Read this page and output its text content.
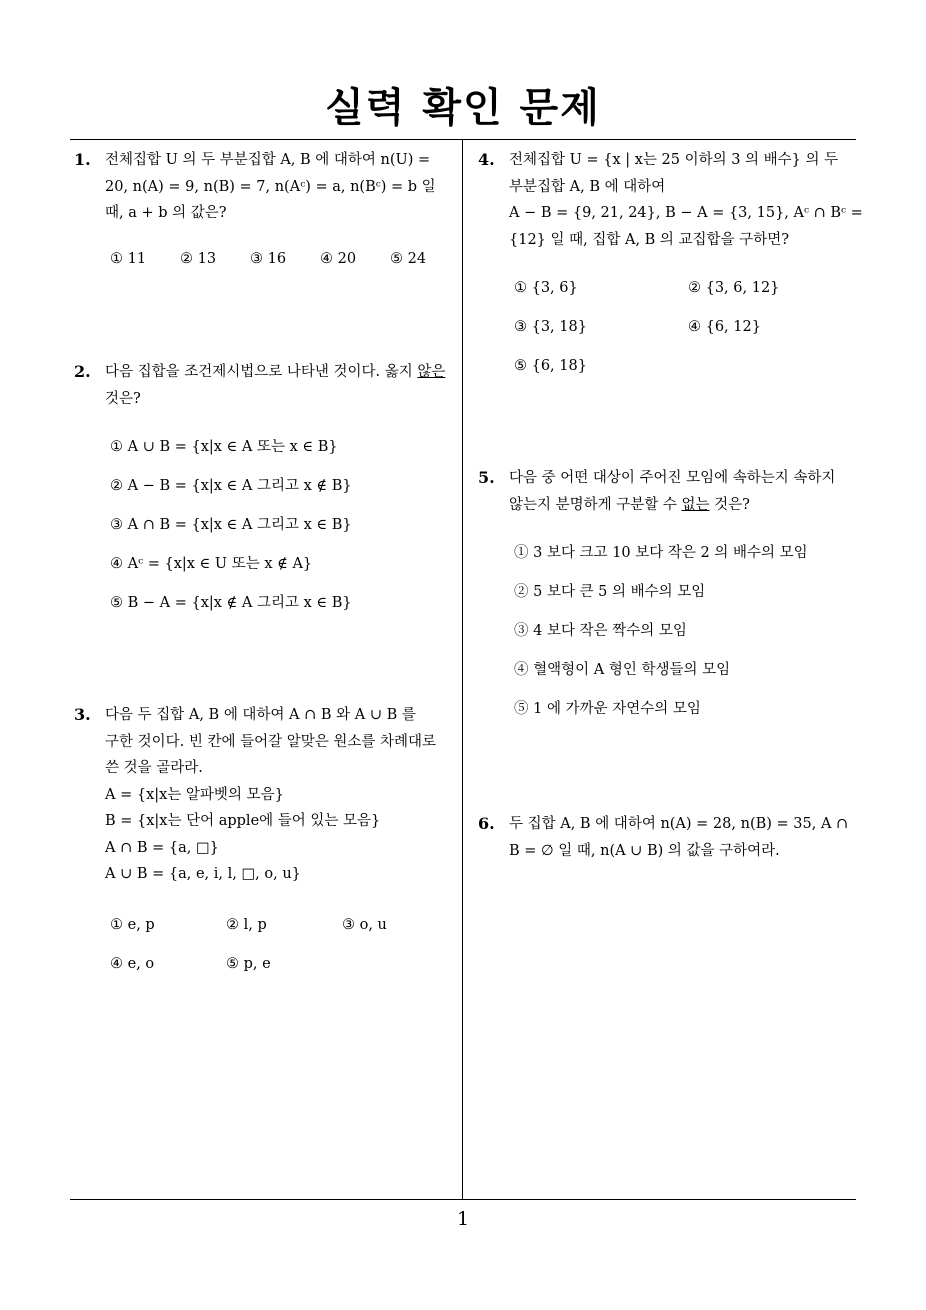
실력 확인 문제
1
1. 전체집합 U 의 두 부분집합 A, B 에 대하여 n(U) =
20, n(A) = 9, n(B) = 7, n(Aᶜ) = a, n(Bᶜ) = b 일
때, a + b 의 값은?
① 11 ② 13 ③ 16 ④ 20 ⑤ 24
2. 다음 집합을 조건제시법으로 나타낸 것이다. 옳지 않은
것은?
① A ∪ B = {x|x ∈ A 또는 x ∈ B}
② A − B = {x|x ∈ A 그리고 x ∉ B}
③ A ∩ B = {x|x ∈ A 그리고 x ∈ B}
④ Aᶜ = {x|x ∈ U 또는 x ∉ A}
⑤ B − A = {x|x ∉ A 그리고 x ∈ B}
3. 다음 두 집합 A, B 에 대하여 A ∩ B 와 A ∪ B 를
구한 것이다. 빈 칸에 들어갈 알맞은 원소를 차례대로
쓴 것을 골라라.
A = {x|x는 알파벳의 모음}
B = {x|x는 단어 apple에 들어 있는 모음}
A ∩ B = {a, □}
A ∪ B = {a, e, i, l, □, o, u}
① e, p	② l, p	③ o, u
④ e, o	⑤ p, e
4. 전체집합 U = {x | x는 25 이하의 3 의 배수} 의 두
부분집합 A, B 에 대하여
A − B = {9, 21, 24}, B − A = {3, 15}, Aᶜ ∩ Bᶜ =
{12} 일 때, 집합 A, B 의 교집합을 구하면?
① {3, 6}	② {3, 6, 12}
③ {3, 18}	④ {6, 12}
⑤ {6, 18}
5. 다음 중 어떤 대상이 주어진 모임에 속하는지 속하지
않는지 분명하게 구분할 수 없는 것은?
① 3 보다 크고 10 보다 작은 2 의 배수의 모임
② 5 보다 큰 5 의 배수의 모임
③ 4 보다 작은 짝수의 모임
④ 혈액형이 A 형인 학생들의 모임
⑤ 1 에 가까운 자연수의 모임
6. 두 집합 A, B 에 대하여 n(A) = 28, n(B) = 35, A ∩
B = ∅ 일 때, n(A ∪ B) 의 값을 구하여라.
